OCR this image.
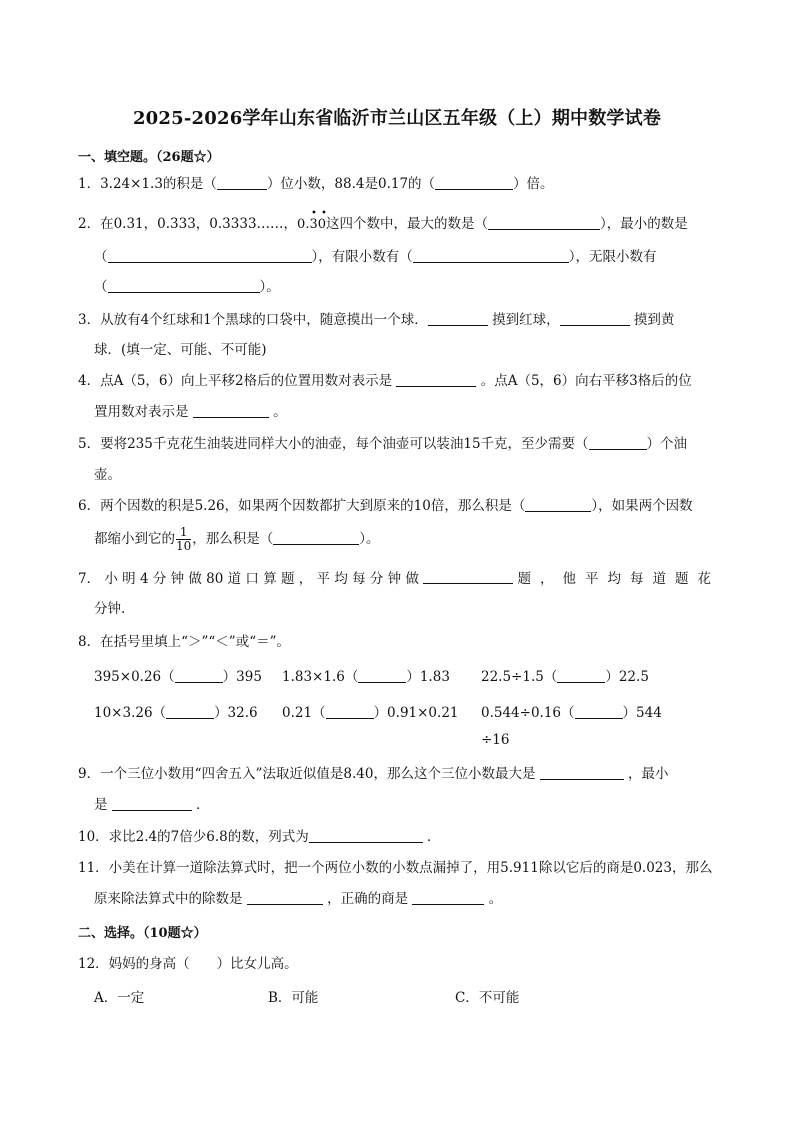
2025-2026学年山东省临沂市兰山区五年级（上）期中数学试卷
一、填空题。（26题☆）
1．3.24×1.3的积是（	）位小数，88.4是0.17的（	）倍。
2．在0.31，0.333，0.3333……，
••
0.30这四个数中，最大的数是（	），最小的数是
（	），有限小数有（	），无限小数有
（	）。
3．从放有4个红球和1个黑球的口袋中，随意摸出一个球．	摸到红球，	摸到黄
球．(填一定、可能、不可能)
4．点A（5，6）向上平移2格后的位置用数对表示是	。点A（5，6）向右平移3格后的位
置用数对表示是	。
5．要将235千克花生油装进同样大小的油壶，每个油壶可以装油15千克，至少需要（	）个油
壶。
6．两个因数的积是5.26，如果两个因数都扩大到原来的10倍，那么积是（	），如果两个因数
都缩小到它的 $\frac{1}{10}$ ，那么积是（	）。
7． 小 明 4 分 钟 做 80 道 口 算 题 ， 平 均 每 分 钟 做	题，他平均每道题花
分钟.
8．在括号里填上“＞”“＜”或“＝”。
395×0.26（	）395 1.83×1.6（	）1.83 22.5÷1.5（	）22.5
10×3.26（	）32.6 0.21（	）0.91×0.21 0.544÷0.16（	）544
÷16
9．一个三位小数用“四舍五入”法取近似值是8.40，那么这个三位小数最大是	，最小
是	．
10．求比2.4的7倍少6.8的数，列式为	．
11．小美在计算一道除法算式时，把一个两位小数的小数点漏掉了，用5.911除以它后的商是0.023，那么
原来除法算式中的除数是	，正确的商是	。
二、选择。（10题☆）
12．妈妈的身高（　　）比女儿高。
A．一定	B．可能	C．不可能
